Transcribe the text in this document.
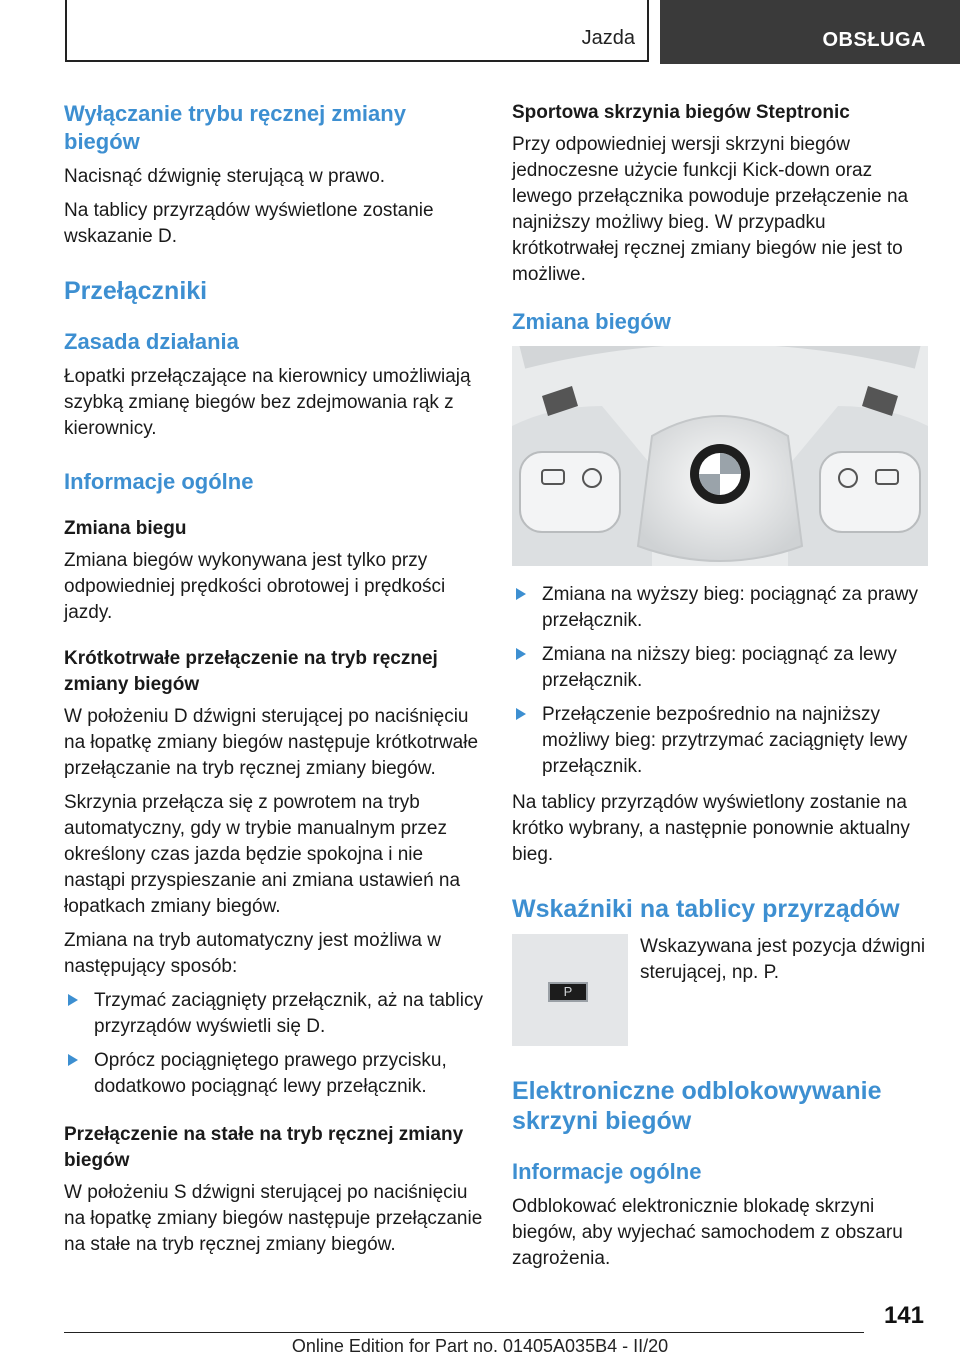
Jazda	OBSŁUGA
Wyłączanie trybu ręcznej zmiany biegów

Nacisnąć dźwignię sterującą w prawo.

Na tablicy przyrządów wyświetlone zostanie wskazanie D.

Przełączniki
Zasada działania

Łopatki przełączające na kierownicy umożliwiają szybką zmianę biegów bez zdejmowania rąk z kierownicy.

Informacje ogólne
Zmiana biegu

Zmiana biegów wykonywana jest tylko przy odpowiedniej prędkości obrotowej i prędkości jazdy.

Krótkotrwałe przełączenie na tryb ręcznej zmiany biegów

W położeniu D dźwigni sterującej po naciśnięciu na łopatkę zmiany biegów następuje krótkotrwałe przełączanie na tryb ręcznej zmiany biegów.

Skrzynia przełącza się z powrotem na tryb automatyczny, gdy w trybie manualnym przez określony czas jazda będzie spokojna i nie nastąpi przyspieszanie ani zmiana ustawień na łopatkach zmiany biegów.

Zmiana na tryb automatyczny jest możliwa w następujący sposób:

Trzymać zaciągnięty przełącznik, aż na tablicy przyrządów wyświetli się D.
Oprócz pociągniętego prawego przycisku, dodatkowo pociągnąć lewy przełącznik.
Przełączenie na stałe na tryb ręcznej zmiany biegów

W położeniu S dźwigni sterującej po naciśnięciu na łopatkę zmiany biegów następuje przełączanie na stałe na tryb ręcznej zmiany biegów.

Sportowa skrzynia biegów Steptronic

Przy odpowiedniej wersji skrzyni biegów jednoczesne użycie funkcji Kick-down oraz lewego przełącznika powoduje przełączenie na najniższy możliwy bieg. W przypadku krótkotrwałej ręcznej zmiany biegów nie jest to możliwe.

Zmiana biegów
Zmiana na wyższy bieg: pociągnąć za prawy przełącznik.
Zmiana na niższy bieg: pociągnąć za lewy przełącznik.
Przełączenie bezpośrednio na najniższy możliwy bieg: przytrzymać zaciągnięty lewy przełącznik.

Na tablicy przyrządów wyświetlony zostanie na krótko wybrany, a następnie ponownie aktualny bieg.

Wskaźniki na tablicy przyrządów
P

Wskazywana jest pozycja dźwigni sterującej, np. P.

Elektroniczne odblokowywanie skrzyni biegów
Informacje ogólne

Odblokować elektronicznie blokadę skrzyni biegów, aby wyjechać samochodem z obszaru zagrożenia.

141
Online Edition for Part no. 01405A035B4 - II/20
